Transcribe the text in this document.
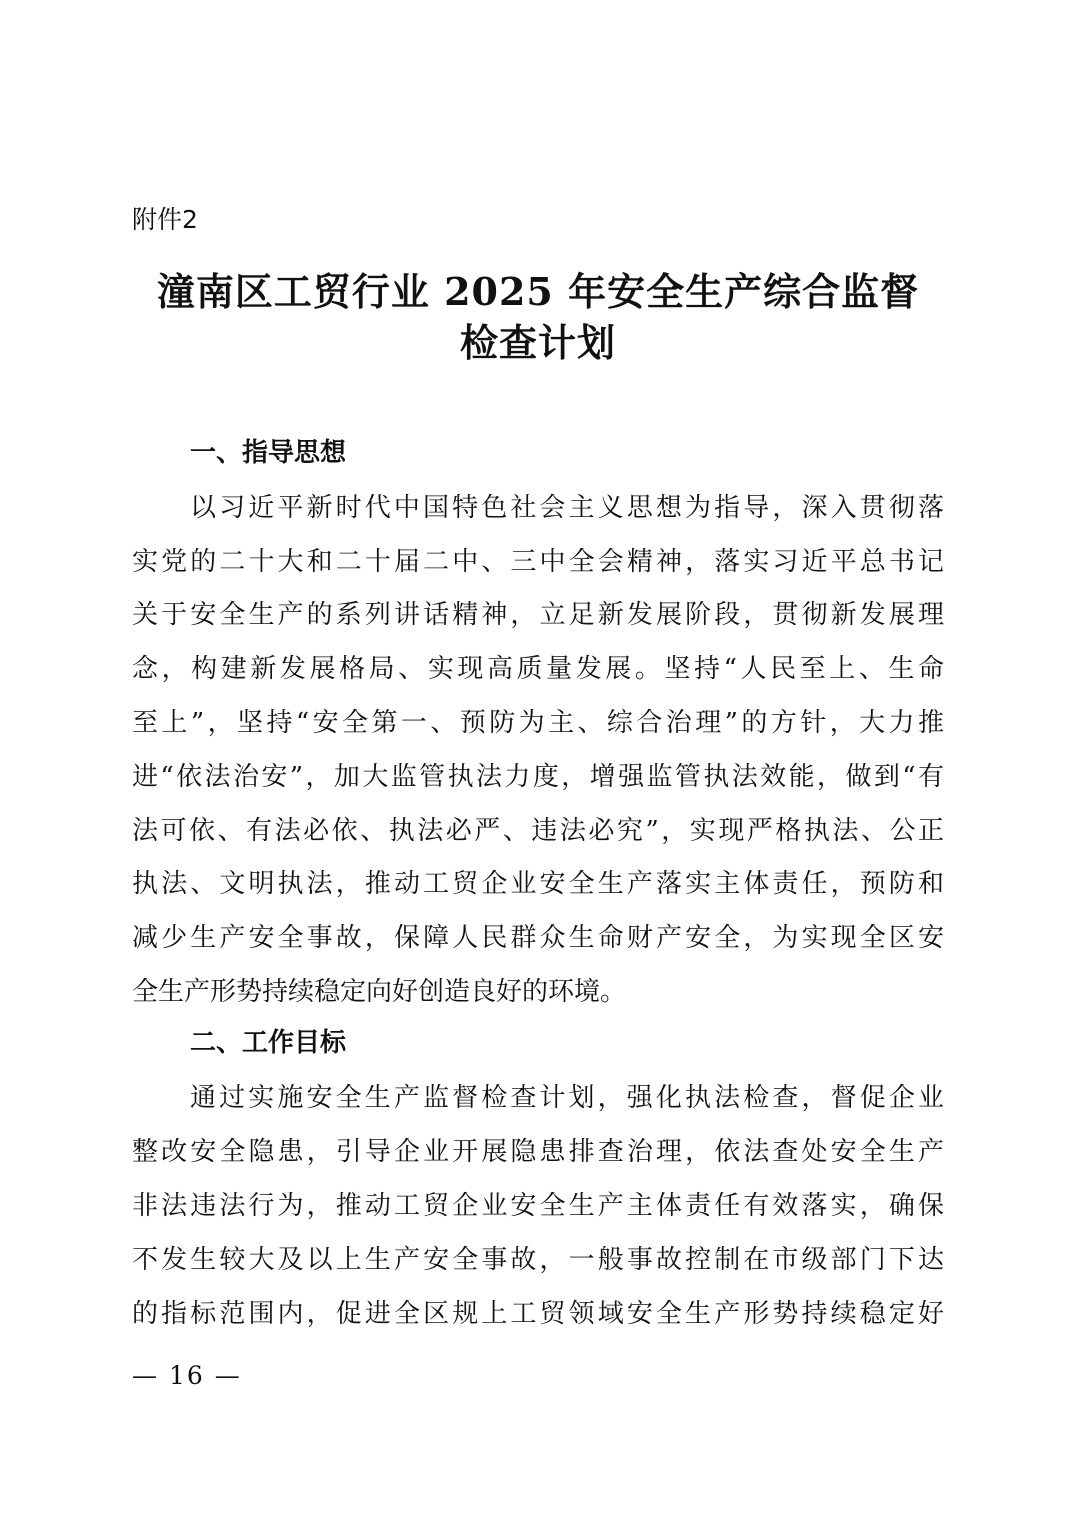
附件2
潼南区工贸行业 2025 年安全生产综合监督
检查计划
一、指导思想
以习近平新时代中国特色社会主义思想为指导，深入贯彻落
实党的二十大和二十届二中、三中全会精神，落实习近平总书记
关于安全生产的系列讲话精神，立足新发展阶段，贯彻新发展理
念，构建新发展格局、实现高质量发展。坚持“人民至上、生命
至上”，坚持“安全第一、预防为主、综合治理”的方针，大力推
进“依法治安”，加大监管执法力度，增强监管执法效能，做到“有
法可依、有法必依、执法必严、违法必究”，实现严格执法、公正
执法、文明执法，推动工贸企业安全生产落实主体责任，预防和
减少生产安全事故，保障人民群众生命财产安全，为实现全区安
全生产形势持续稳定向好创造良好的环境。
二、工作目标
通过实施安全生产监督检查计划，强化执法检查，督促企业
整改安全隐患，引导企业开展隐患排查治理，依法查处安全生产
非法违法行为，推动工贸企业安全生产主体责任有效落实，确保
不发生较大及以上生产安全事故，一般事故控制在市级部门下达
的指标范围内，促进全区规上工贸领域安全生产形势持续稳定好
— 16 —
